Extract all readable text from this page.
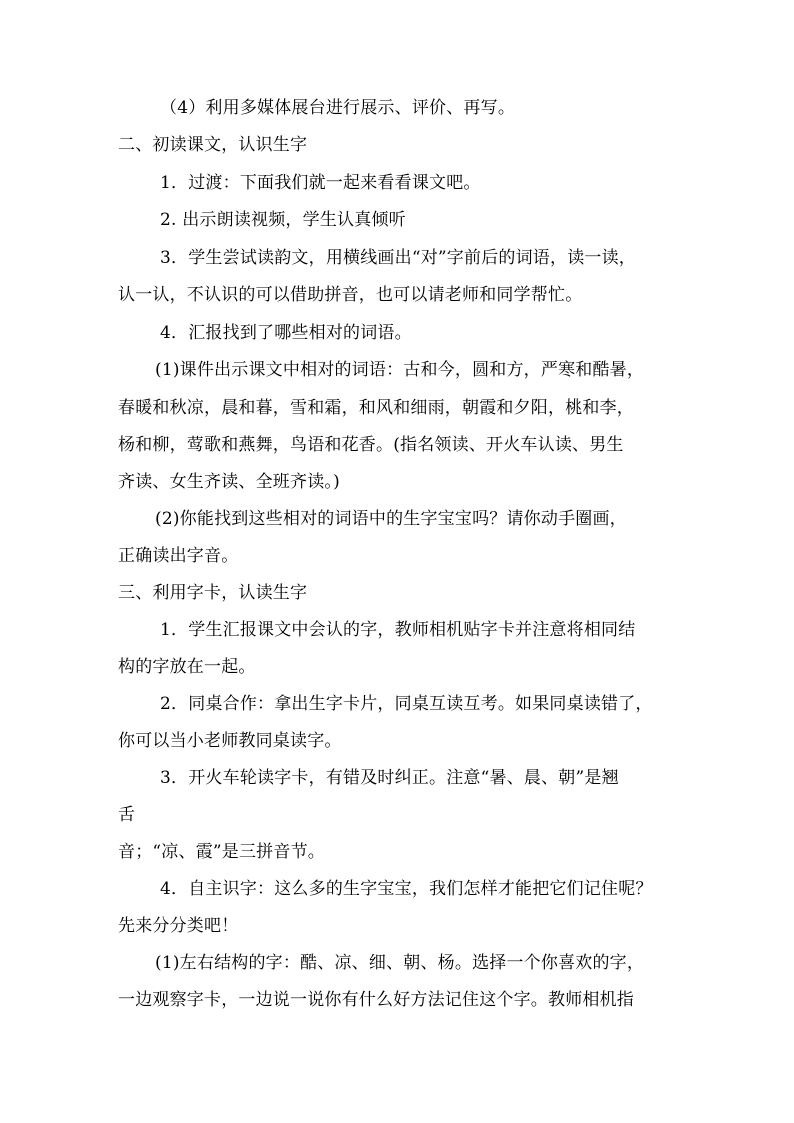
（4）利用多媒体展台进行展示、评价、再写。
二、初读课文，认识生字
1．过渡：下面我们就一起来看看课文吧。
2. 出示朗读视频，学生认真倾听
3．学生尝试读韵文，用横线画出“对”字前后的词语，读一读，
认一认，不认识的可以借助拼音，也可以请老师和同学帮忙。
4．汇报找到了哪些相对的词语。
(1)课件出示课文中相对的词语：古和今，圆和方，严寒和酷暑，
春暖和秋凉，晨和暮，雪和霜，和风和细雨，朝霞和夕阳，桃和李，
杨和柳，莺歌和燕舞，鸟语和花香。(指名领读、开火车认读、男生
齐读、女生齐读、全班齐读。)
(2)你能找到这些相对的词语中的生字宝宝吗？请你动手圈画，
正确读出字音。
三、利用字卡，认读生字
1．学生汇报课文中会认的字，教师相机贴字卡并注意将相同结
构的字放在一起。
2．同桌合作：拿出生字卡片，同桌互读互考。如果同桌读错了，
你可以当小老师教同桌读字。
3．开火车轮读字卡，有错及时纠正。注意“暑、晨、朝”是翘
舌
音；“凉、霞”是三拼音节。
4．自主识字：这么多的生字宝宝，我们怎样才能把它们记住呢？
先来分分类吧！
(1)左右结构的字：酷、凉、细、朝、杨。选择一个你喜欢的字，
一边观察字卡，一边说一说你有什么好方法记住这个字。教师相机指
